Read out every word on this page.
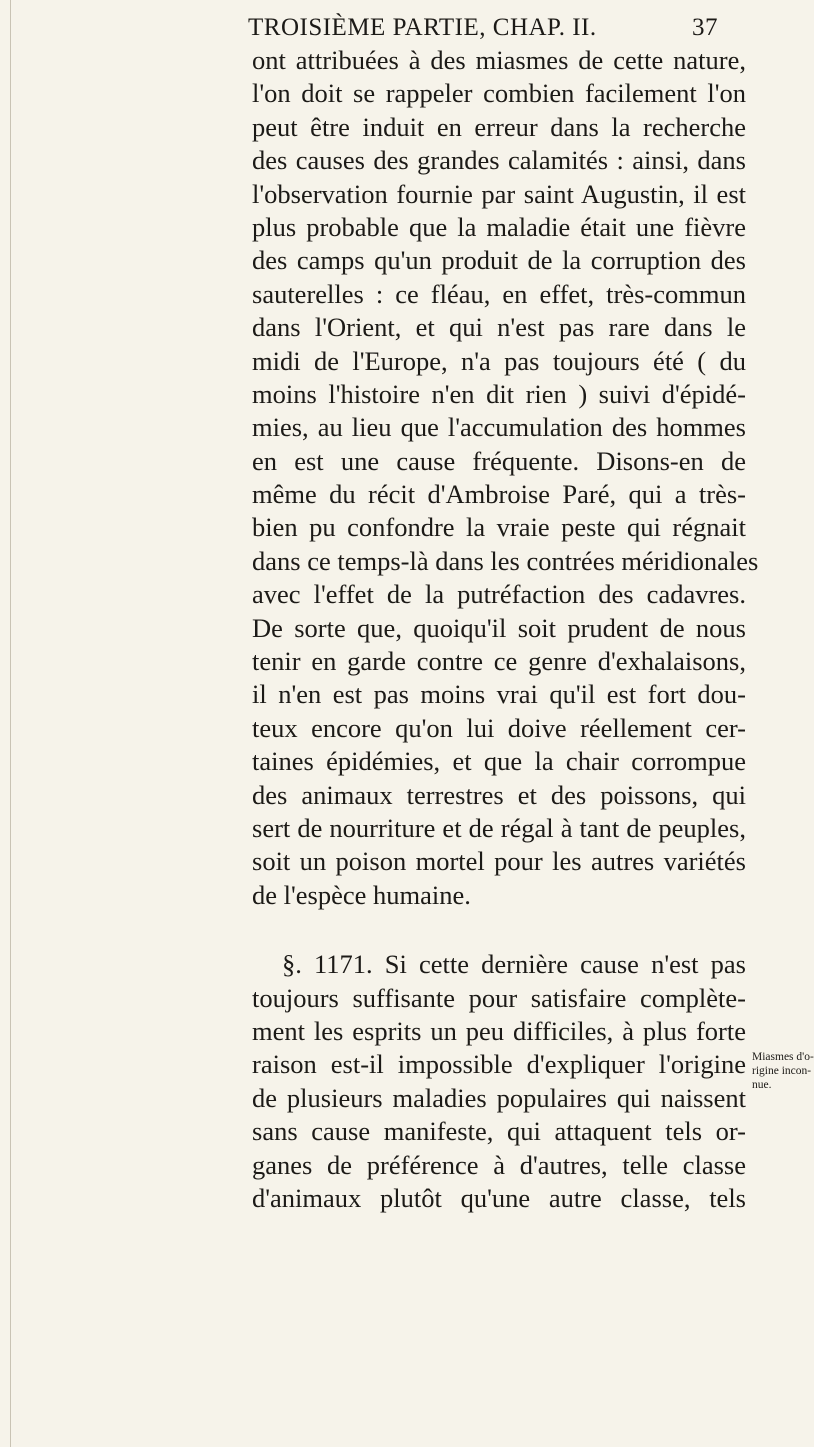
TROISIÈME PARTIE, CHAP. II.	37
ont attribuées à des miasmes de cette nature,
l'on doit se rappeler combien facilement l'on
peut être induit en erreur dans la recherche
des causes des grandes calamités : ainsi, dans
l'observation fournie par saint Augustin, il est
plus probable que la maladie était une fièvre
des camps qu'un produit de la corruption des
sauterelles : ce fléau, en effet, très-commun
dans l'Orient, et qui n'est pas rare dans le
midi de l'Europe, n'a pas toujours été ( du
moins l'histoire n'en dit rien ) suivi d'épidé-
mies, au lieu que l'accumulation des hommes
en est une cause fréquente. Disons-en de
même du récit d'Ambroise Paré, qui a très-
bien pu confondre la vraie peste qui régnait
dans ce temps-là dans les contrées méridionales
avec l'effet de la putréfaction des cadavres.
De sorte que, quoiqu'il soit prudent de nous
tenir en garde contre ce genre d'exhalaisons,
il n'en est pas moins vrai qu'il est fort dou-
teux encore qu'on lui doive réellement cer-
taines épidémies, et que la chair corrompue
des animaux terrestres et des poissons, qui
sert de nourriture et de régal à tant de peuples,
soit un poison mortel pour les autres variétés
de l'espèce humaine.
§. 1171. Si cette dernière cause n'est pas
toujours suffisante pour satisfaire complète-
ment les esprits un peu difficiles, à plus forte
raison est-il impossible d'expliquer l'origine
de plusieurs maladies populaires qui naissent
sans cause manifeste, qui attaquent tels or-
ganes de préférence à d'autres, telle classe
d'animaux plutôt qu'une autre classe, tels
Miasmes d'o-
rigine incon-
nue.
